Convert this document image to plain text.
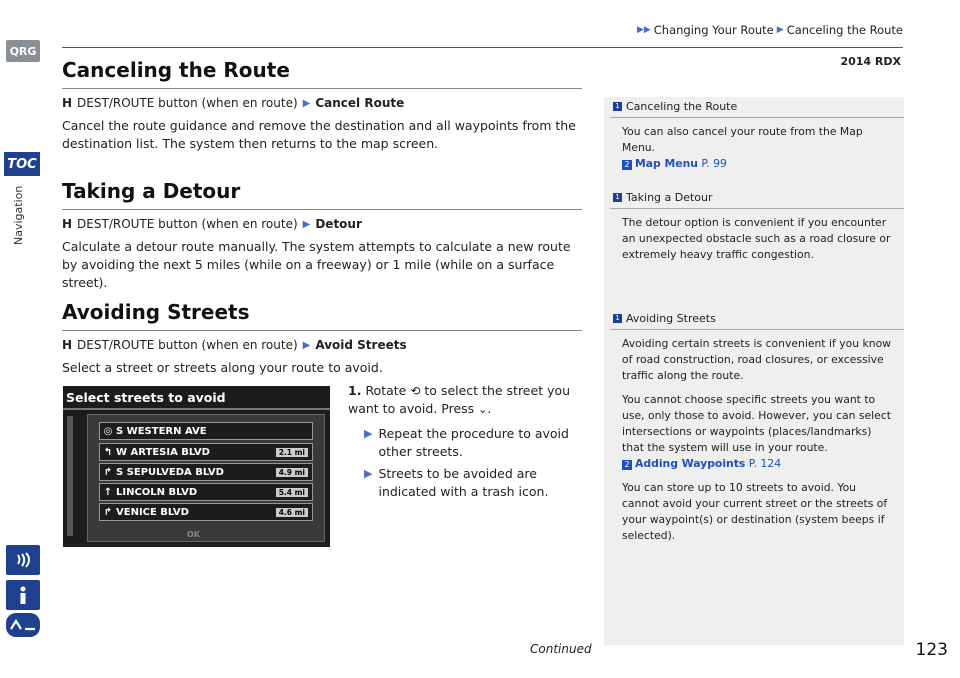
QRG
TOC
Navigation
▶▶ Changing Your Route ▶ Canceling the Route
2014 RDX
Canceling the Route
H DEST/ROUTE button (when en route) ▶ Cancel Route
Cancel the route guidance and remove the destination and all waypoints from the destination list. The system then returns to the map screen.
Taking a Detour
H DEST/ROUTE button (when en route) ▶ Detour
Calculate a detour route manually. The system attempts to calculate a new route by avoiding the next 5 miles (while on a freeway) or 1 mile (while on a surface street).
Avoiding Streets
H DEST/ROUTE button (when en route) ▶ Avoid Streets
Select a street or streets along your route to avoid.
Select streets to avoid
◎ S WESTERN AVE
↰ W ARTESIA BLVD	2.1 mi
↱ S SEPULVEDA BLVD	4.9 mi
↑ LINCOLN BLVD	5.4 mi
↱ VENICE BLVD	4.6 mi
OK
1. Rotate ⟲ to select the street you want to avoid. Press ⌄.
▶ Repeat the procedure to avoid other streets.
▶ Streets to be avoided are indicated with a trash icon.
1 Canceling the Route
You can also cancel your route from the Map Menu.
2 Map Menu P. 99
1 Taking a Detour
The detour option is convenient if you encounter an unexpected obstacle such as a road closure or extremely heavy traffic congestion.
1 Avoiding Streets
Avoiding certain streets is convenient if you know of road construction, road closures, or excessive traffic along the route.
You cannot choose specific streets you want to use, only those to avoid. However, you can select intersections or waypoints (places/landmarks) that the system will use in your route.
2 Adding Waypoints P. 124
You can store up to 10 streets to avoid. You cannot avoid your current street or the streets of your waypoint(s) or destination (system beeps if selected).
Continued	123
